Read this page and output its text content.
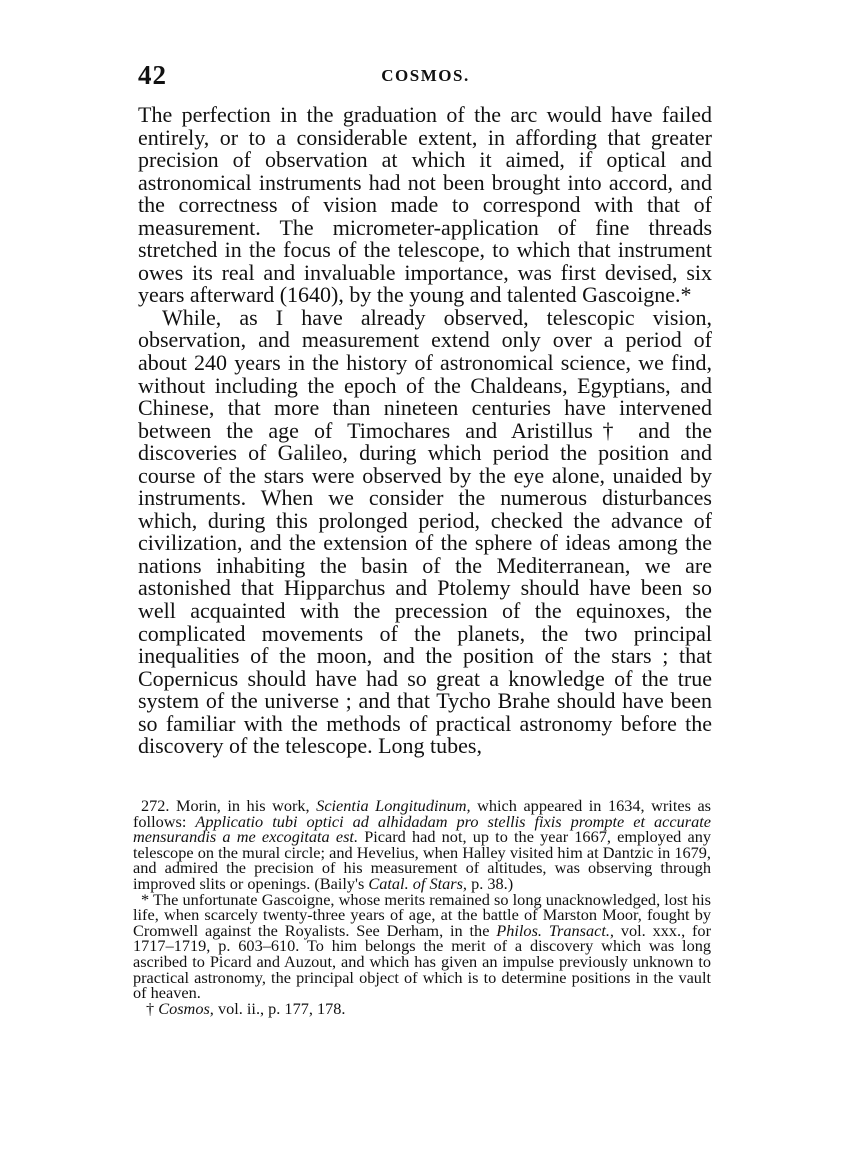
42	COSMOS.

The perfection in the graduation of the arc would have failed entirely, or to a considerable extent, in affording that greater precision of observation at which it aimed, if optical and astronomical instruments had not been brought into accord, and the correctness of vision made to correspond with that of measurement. The micrometer-application of fine threads stretched in the focus of the telescope, to which that instrument owes its real and invaluable importance, was first devised, six years afterward (1640), by the young and talented Gascoigne.*

While, as I have already observed, telescopic vision, observation, and measurement extend only over a period of about 240 years in the history of astronomical science, we find, without including the epoch of the Chaldeans, Egyptians, and Chinese, that more than nineteen centuries have intervened between the age of Timochares and Aristillus† and the discoveries of Galileo, during which period the position and course of the stars were observed by the eye alone, unaided by instruments. When we consider the numerous disturbances which, during this prolonged period, checked the advance of civilization, and the extension of the sphere of ideas among the nations inhabiting the basin of the Mediterranean, we are astonished that Hipparchus and Ptolemy should have been so well acquainted with the precession of the equinoxes, the complicated movements of the planets, the two principal inequalities of the moon, and the position of the stars ; that Copernicus should have had so great a knowledge of the true system of the universe ; and that Tycho Brahe should have been so familiar with the methods of practical astronomy before the discovery of the telescope. Long tubes,

272. Morin, in his work, Scientia Longitudinum, which appeared in 1634, writes as follows: Applicatio tubi optici ad alhidadam pro stellis fixis prompte et accurate mensurandis a me excogitata est. Picard had not, up to the year 1667, employed any telescope on the mural circle; and Hevelius, when Halley visited him at Dantzic in 1679, and admired the precision of his measurement of altitudes, was observing through improved slits or openings. (Baily's Catal. of Stars, p. 38.)

* The unfortunate Gascoigne, whose merits remained so long unacknowledged, lost his life, when scarcely twenty-three years of age, at the battle of Marston Moor, fought by Cromwell against the Royalists. See Derham, in the Philos. Transact., vol. xxx., for 1717–1719, p. 603–610. To him belongs the merit of a discovery which was long ascribed to Picard and Auzout, and which has given an impulse previously unknown to practical astronomy, the principal object of which is to determine positions in the vault of heaven.

† Cosmos, vol. ii., p. 177, 178.
